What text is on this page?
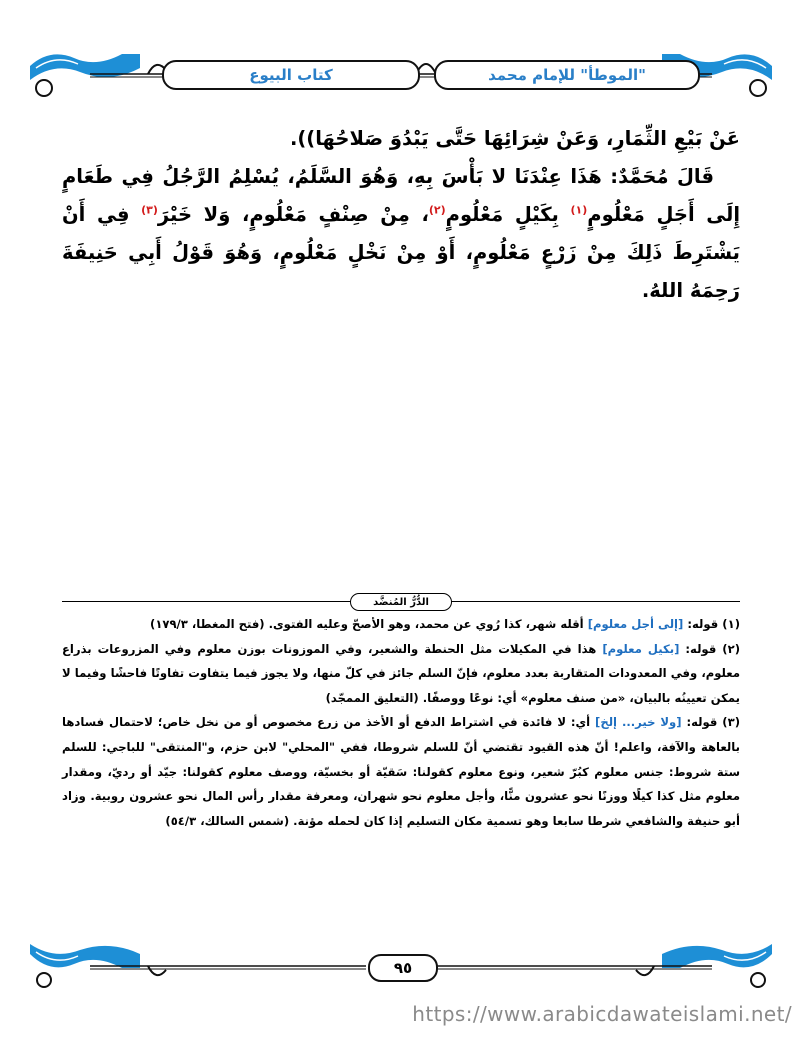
كتاب البيوع	"الموطأ" للإمام محمد

عَنْ بَيْعِ الثِّمَارِ، وَعَنْ شِرَائِهَا حَتَّى يَبْدُوَ صَلاحُهَا)).

قَالَ مُحَمَّدٌ: هَذَا عِنْدَنَا لا بَأْسَ بِهِ، وَهُوَ السَّلَمُ، يُسْلِمُ الرَّجُلُ فِي طَعَامٍ إِلَى أَجَلٍ مَعْلُومٍ$^{(١)}$ بِكَيْلٍ مَعْلُومٍ$^{(٢)}$، مِنْ صِنْفٍ مَعْلُومٍ، وَلا خَيْرَ$^{(٣)}$ فِي أَنْ يَشْتَرِطَ ذَلِكَ مِنْ زَرْعٍ مَعْلُومٍ، أَوْ مِنْ نَخْلٍ مَعْلُومٍ، وَهُوَ قَوْلُ أَبِي حَنِيفَةَ رَحِمَهُ اللهُ.

الدُّرُّ المُنضَّد

(١) قوله: [إلى أجل معلوم] أقله شهر، كذا رُوي عن محمد، وهو الأصحّ وعليه الفتوى. (فتح المغطا، ١٧٩/٣)

(٢) قوله: [بكيل معلوم] هذا في المكيلات مثل الحنطة والشعير، وفي الموزونات بوزن معلوم وفي المزروعات بذراع معلوم، وفي المعدودات المتقاربة بعدد معلوم، فإنّ السلم جائز في كلّ منها، ولا يجوز فيما يتفاوت تفاوتًا فاحشًا وفيما لا يمكن تعيينُه بالبيان، «من صنف معلوم» أي: نوعًا ووصفًا. (التعليق الممجّد)

(٣) قوله: [ولا خير... إلخ] أي: لا فائدة في اشتراط الدفع أو الأخذ من زرع مخصوص أو من نخل خاص؛ لاحتمال فسادها بالعاهة والآفة، واعلم! أنّ هذه القيود تقتضي أنّ للسلم شروطا، ففي "المحلي" لابن حزم، و"المنتقى" للباجي: للسلم ستة شروط: جنس معلوم كبُرّ شعير، ونوع معلوم كقولنا: سَقيّة أو بخسيّة، ووصف معلوم كقولنا: جيّد أو رديّ، ومقدار معلوم مثل كذا كيلًا ووزنًا نحو عشرون منًّا، وأجل معلوم نحو شهران، ومعرفة مقدار رأس المال نحو عشرون روبية. وزاد أبو حنيفة والشافعي شرطا سابعا وهو تسمية مكان التسليم إذا كان لحمله مؤنة. (شمس السالك، ٥٤/٣)

٩٥
https://www.arabicdawateislami.net/
